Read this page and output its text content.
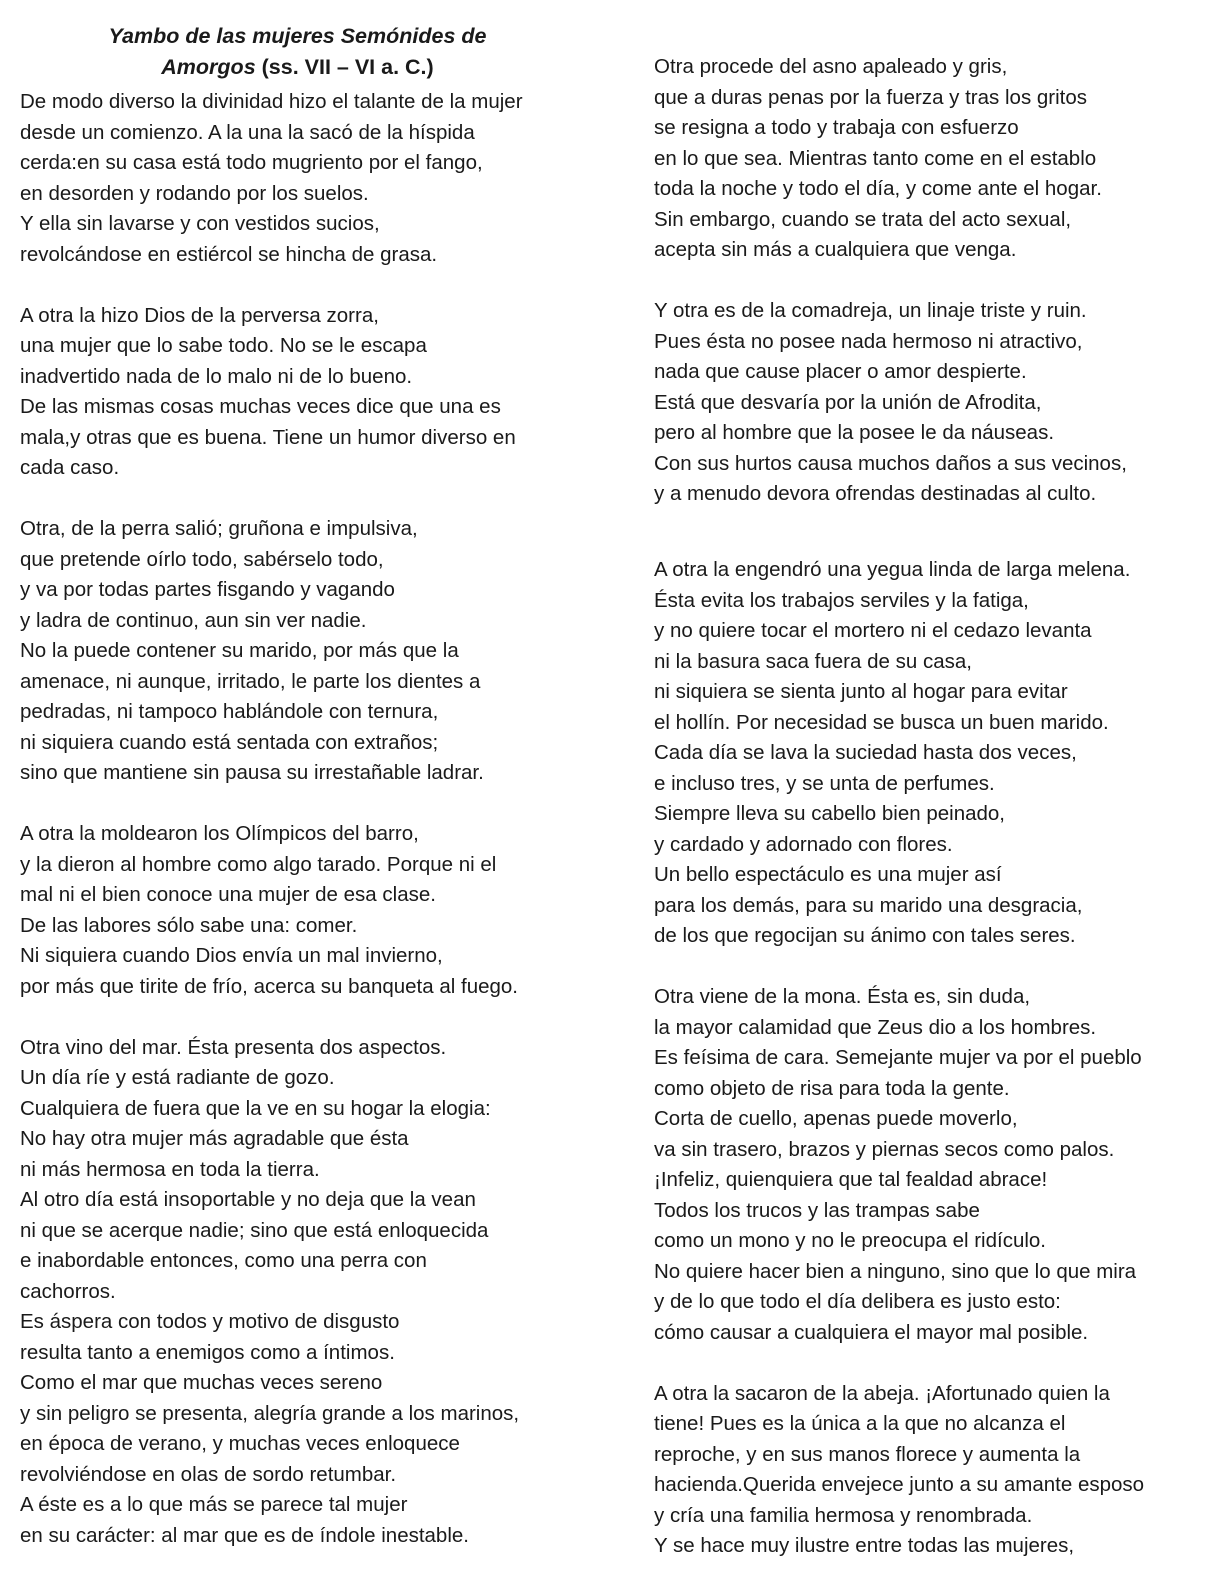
Yambo de las mujeres Semónides de
Amorgos (ss. VII – VI a. C.)
De modo diverso la divinidad hizo el talante de la mujer
desde un comienzo. A la una la sacó de la híspida
cerda:en su casa está todo mugriento por el fango,
en desorden y rodando por los suelos.
Y ella sin lavarse y con vestidos sucios,
revolcándose en estiércol se hincha de grasa.
A otra la hizo Dios de la perversa zorra,
una mujer que lo sabe todo. No se le escapa
inadvertido nada de lo malo ni de lo bueno.
De las mismas cosas muchas veces dice que una es
mala,y otras que es buena. Tiene un humor diverso en
cada caso.
Otra, de la perra salió; gruñona e impulsiva,
que pretende oírlo todo, sabérselo todo,
y va por todas partes fisgando y vagando
y ladra de continuo, aun sin ver nadie.
No la puede contener su marido, por más que la
amenace, ni aunque, irritado, le parte los dientes a
pedradas, ni tampoco hablándole con ternura,
ni siquiera cuando está sentada con extraños;
sino que mantiene sin pausa su irrestañable ladrar.
A otra la moldearon los Olímpicos del barro,
y la dieron al hombre como algo tarado. Porque ni el
mal ni el bien conoce una mujer de esa clase.
De las labores sólo sabe una: comer.
Ni siquiera cuando Dios envía un mal invierno,
por más que tirite de frío, acerca su banqueta al fuego.
Otra vino del mar. Ésta presenta dos aspectos.
Un día ríe y está radiante de gozo.
Cualquiera de fuera que la ve en su hogar la elogia:
No hay otra mujer más agradable que ésta
ni más hermosa en toda la tierra.
Al otro día está insoportable y no deja que la vean
ni que se acerque nadie; sino que está enloquecida
e inabordable entonces, como una perra con
cachorros.
Es áspera con todos y motivo de disgusto
resulta tanto a enemigos como a íntimos.
Como el mar que muchas veces sereno
y sin peligro se presenta, alegría grande a los marinos,
en época de verano, y muchas veces enloquece
revolviéndose en olas de sordo retumbar.
A éste es a lo que más se parece tal mujer
en su carácter: al mar que es de índole inestable.
Otra procede del asno apaleado y gris,
que a duras penas por la fuerza y tras los gritos
se resigna a todo y trabaja con esfuerzo
en lo que sea. Mientras tanto come en el establo
toda la noche y todo el día, y come ante el hogar.
Sin embargo, cuando se trata del acto sexual,
acepta sin más a cualquiera que venga.
Y otra es de la comadreja, un linaje triste y ruin.
Pues ésta no posee nada hermoso ni atractivo,
nada que cause placer o amor despierte.
Está que desvaría por la unión de Afrodita,
pero al hombre que la posee le da náuseas.
Con sus hurtos causa muchos daños a sus vecinos,
y a menudo devora ofrendas destinadas al culto.
A otra la engendró una yegua linda de larga melena.
Ésta evita los trabajos serviles y la fatiga,
y no quiere tocar el mortero ni el cedazo levanta
ni la basura saca fuera de su casa,
ni siquiera se sienta junto al hogar para evitar
el hollín. Por necesidad se busca un buen marido.
Cada día se lava la suciedad hasta dos veces,
e incluso tres, y se unta de perfumes.
Siempre lleva su cabello bien peinado,
y cardado y adornado con flores.
Un bello espectáculo es una mujer así
para los demás, para su marido una desgracia,
de los que regocijan su ánimo con tales seres.
Otra viene de la mona. Ésta es, sin duda,
la mayor calamidad que Zeus dio a los hombres.
Es feísima de cara. Semejante mujer va por el pueblo
como objeto de risa para toda la gente.
Corta de cuello, apenas puede moverlo,
va sin trasero, brazos y piernas secos como palos.
¡Infeliz, quienquiera que tal fealdad abrace!
Todos los trucos y las trampas sabe
como un mono y no le preocupa el ridículo.
No quiere hacer bien a ninguno, sino que lo que mira
y de lo que todo el día delibera es justo esto:
cómo causar a cualquiera el mayor mal posible.
A otra la sacaron de la abeja. ¡Afortunado quien la
tiene! Pues es la única a la que no alcanza el
reproche, y en sus manos florece y aumenta la
hacienda.Querida envejece junto a su amante esposo
y cría una familia hermosa y renombrada.
Y se hace muy ilustre entre todas las mujeres,
